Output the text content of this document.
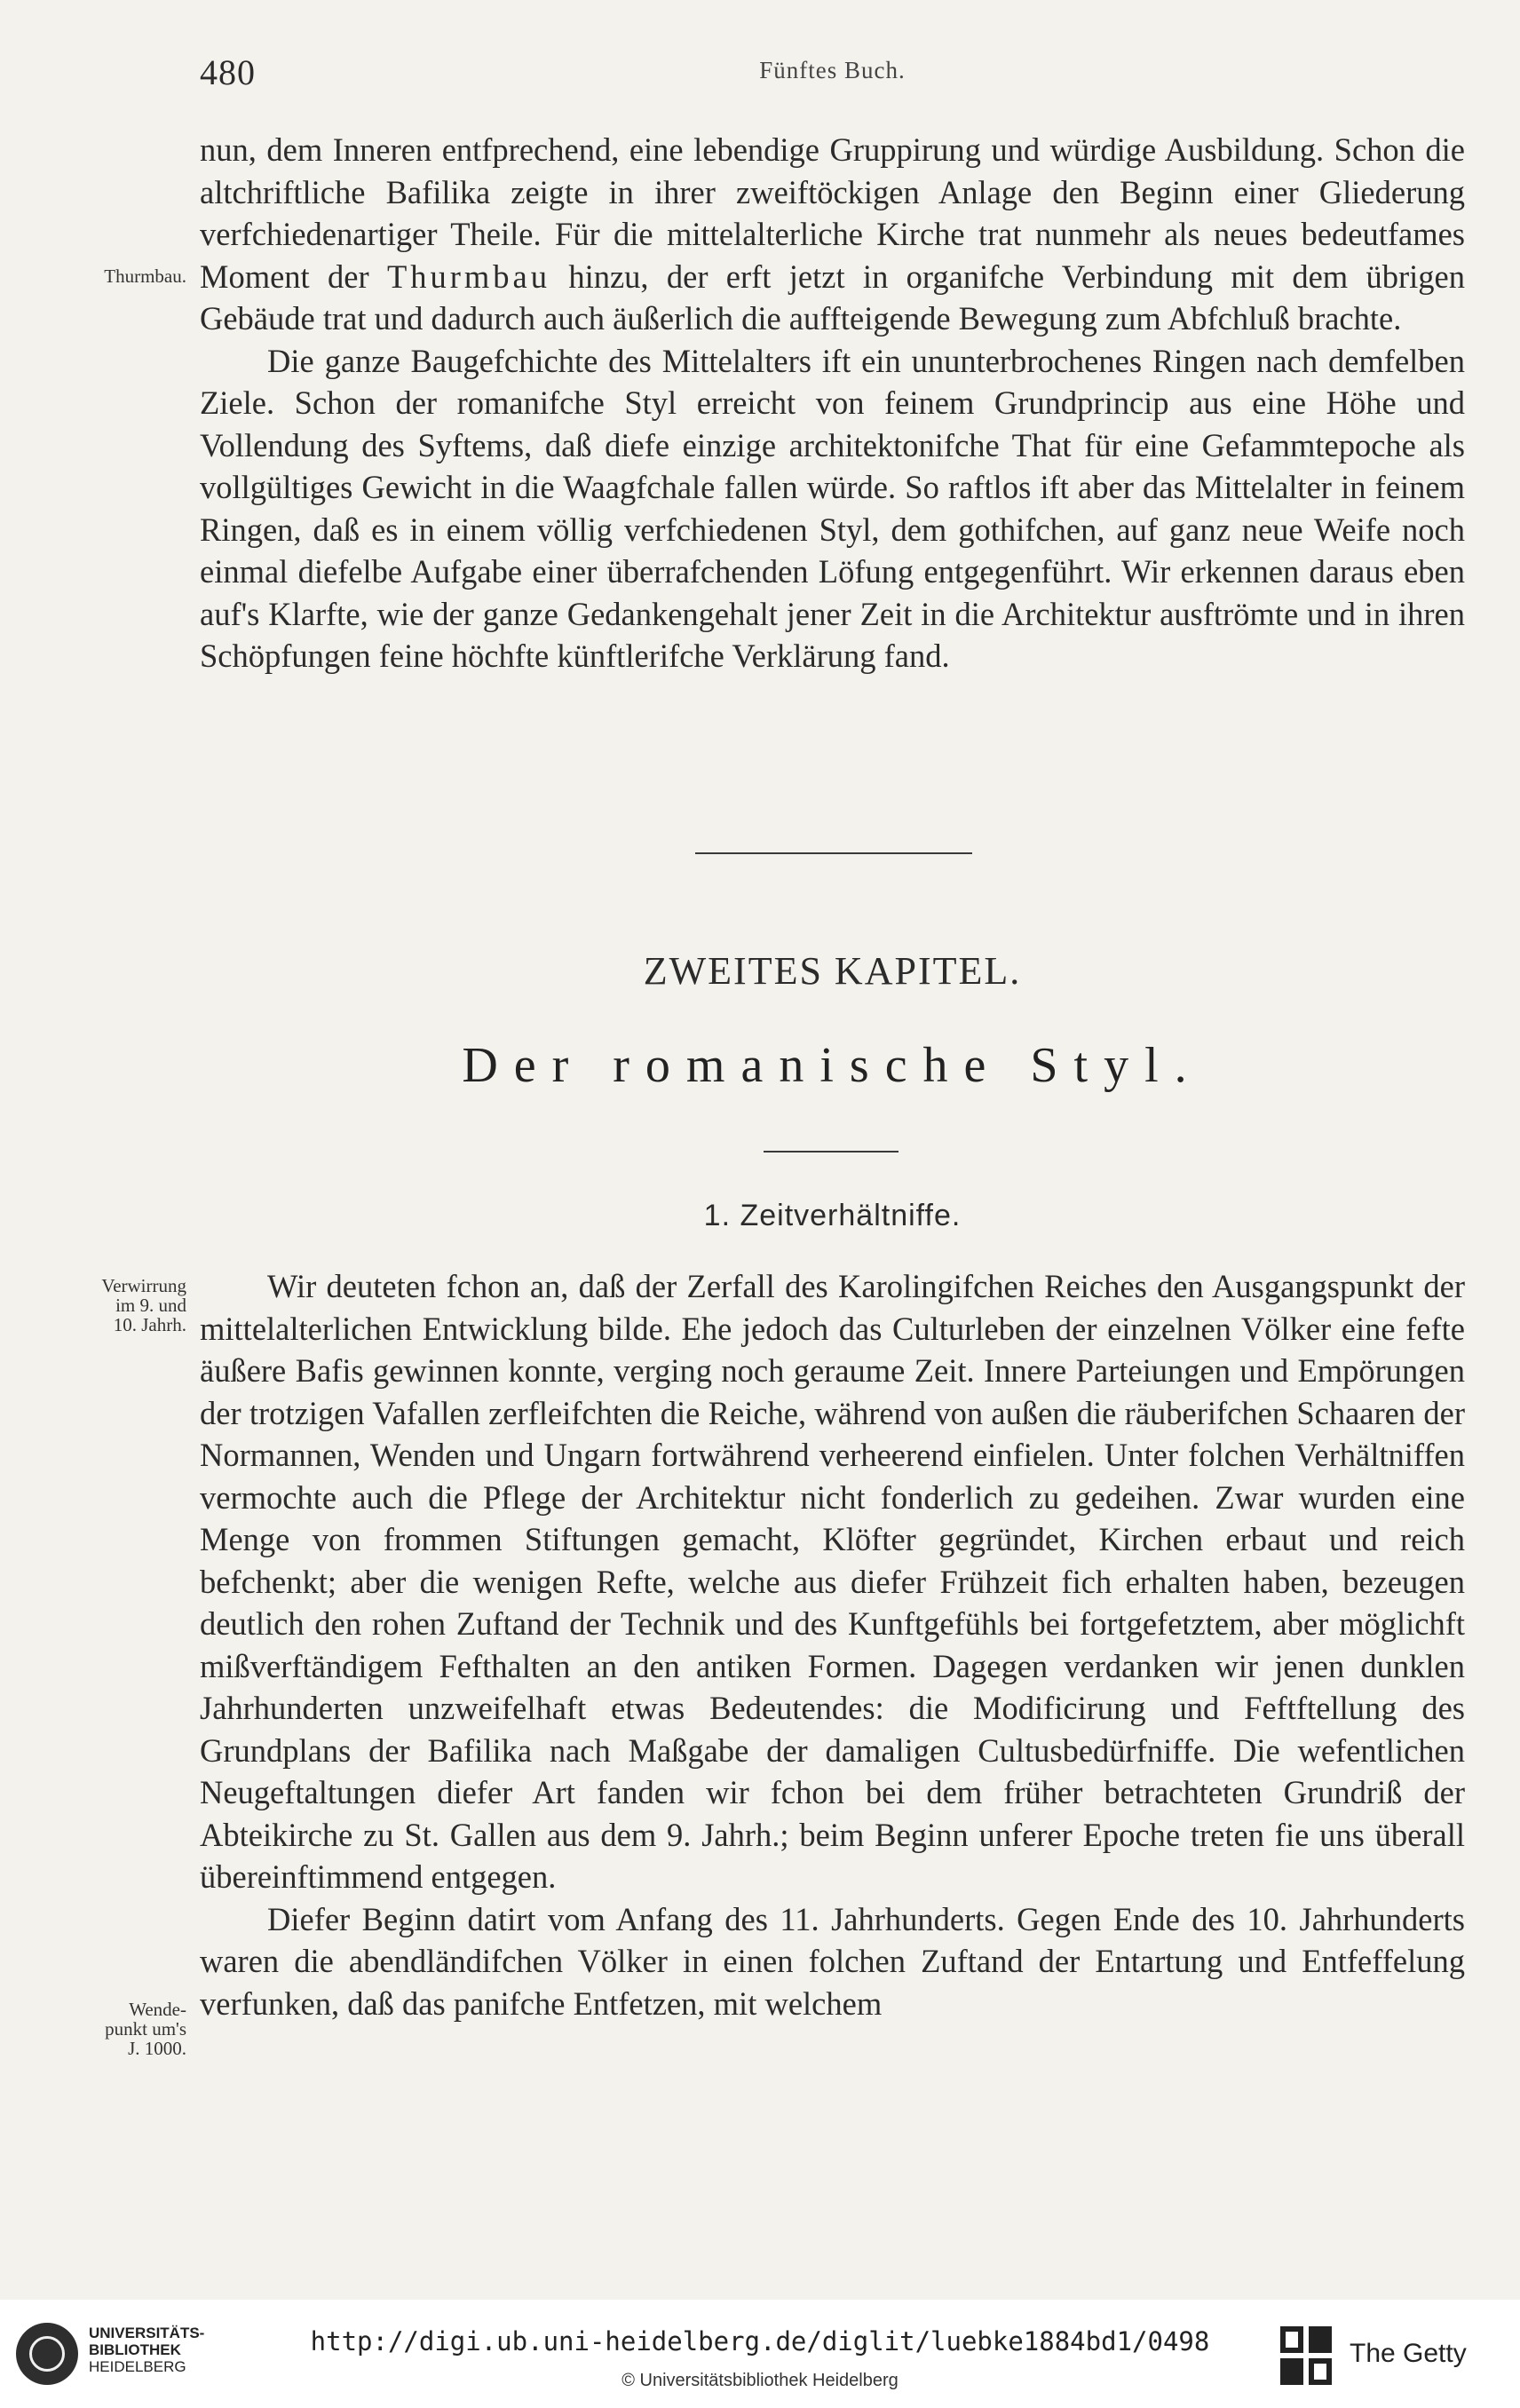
480	Fünftes Buch.
Thurmbau.

nun, dem Inneren entfprechend, eine lebendige Gruppirung und würdige Ausbildung. Schon die altchriftliche Bafilika zeigte in ihrer zweiftöckigen Anlage den Beginn einer Gliederung verfchiedenartiger Theile. Für die mittelalterliche Kirche trat nunmehr als neues bedeutfames Moment der Thurmbau hinzu, der erft jetzt in organifche Verbindung mit dem übrigen Gebäude trat und dadurch auch äußerlich die auffteigende Bewegung zum Abfchluß brachte.

Die ganze Baugefchichte des Mittelalters ift ein ununterbrochenes Ringen nach demfelben Ziele. Schon der romanifche Styl erreicht von feinem Grundprincip aus eine Höhe und Vollendung des Syftems, daß diefe einzige architektonifche That für eine Gefammtepoche als vollgültiges Gewicht in die Waagfchale fallen würde. So raftlos ift aber das Mittelalter in feinem Ringen, daß es in einem völlig verfchiedenen Styl, dem gothifchen, auf ganz neue Weife noch einmal diefelbe Aufgabe einer überrafchenden Löfung entgegenführt. Wir erkennen daraus eben auf's Klarfte, wie der ganze Gedankengehalt jener Zeit in die Architektur ausftrömte und in ihren Schöpfungen feine höchfte künftlerifche Verklärung fand.

ZWEITES KAPITEL.
Der romanische Styl.
1. Zeitverhältniffe.
Verwirrung
im 9. und
10. Jahrh.

Wir deuteten fchon an, daß der Zerfall des Karolingifchen Reiches den Ausgangspunkt der mittelalterlichen Entwicklung bilde. Ehe jedoch das Culturleben der einzelnen Völker eine fefte äußere Bafis gewinnen konnte, verging noch geraume Zeit. Innere Parteiungen und Empörungen der trotzigen Vafallen zerfleifchten die Reiche, während von außen die räuberifchen Schaaren der Normannen, Wenden und Ungarn fortwährend verheerend einfielen. Unter folchen Verhältniffen vermochte auch die Pflege der Architektur nicht fonderlich zu gedeihen. Zwar wurden eine Menge von frommen Stiftungen gemacht, Klöfter gegründet, Kirchen erbaut und reich befchenkt; aber die wenigen Refte, welche aus diefer Frühzeit fich erhalten haben, bezeugen deutlich den rohen Zuftand der Technik und des Kunftgefühls bei fortgefetztem, aber möglichft mißverftändigem Fefthalten an den antiken Formen. Dagegen verdanken wir jenen dunklen Jahrhunderten unzweifelhaft etwas Bedeutendes: die Modificirung und Feftftellung des Grundplans der Bafilika nach Maßgabe der damaligen Cultusbedürfniffe. Die wefentlichen Neugeftaltungen diefer Art fanden wir fchon bei dem früher betrachteten Grundriß der Abteikirche zu St. Gallen aus dem 9. Jahrh.; beim Beginn unferer Epoche treten fie uns überall übereinftimmend entgegen.

Diefer Beginn datirt vom Anfang des 11. Jahrhunderts. Gegen Ende des 10. Jahrhunderts waren die abendländifchen Völker in einen folchen Zuftand der Entartung und Entfeffelung verfunken, daß das panifche Entfetzen, mit welchem

Wende-
punkt um's
J. 1000.
UNIVERSITÄTS-
BIBLIOTHEK
HEIDELBERG
http://digi.ub.uni-heidelberg.de/diglit/luebke1884bd1/0498
© Universitätsbibliothek Heidelberg
The Getty
